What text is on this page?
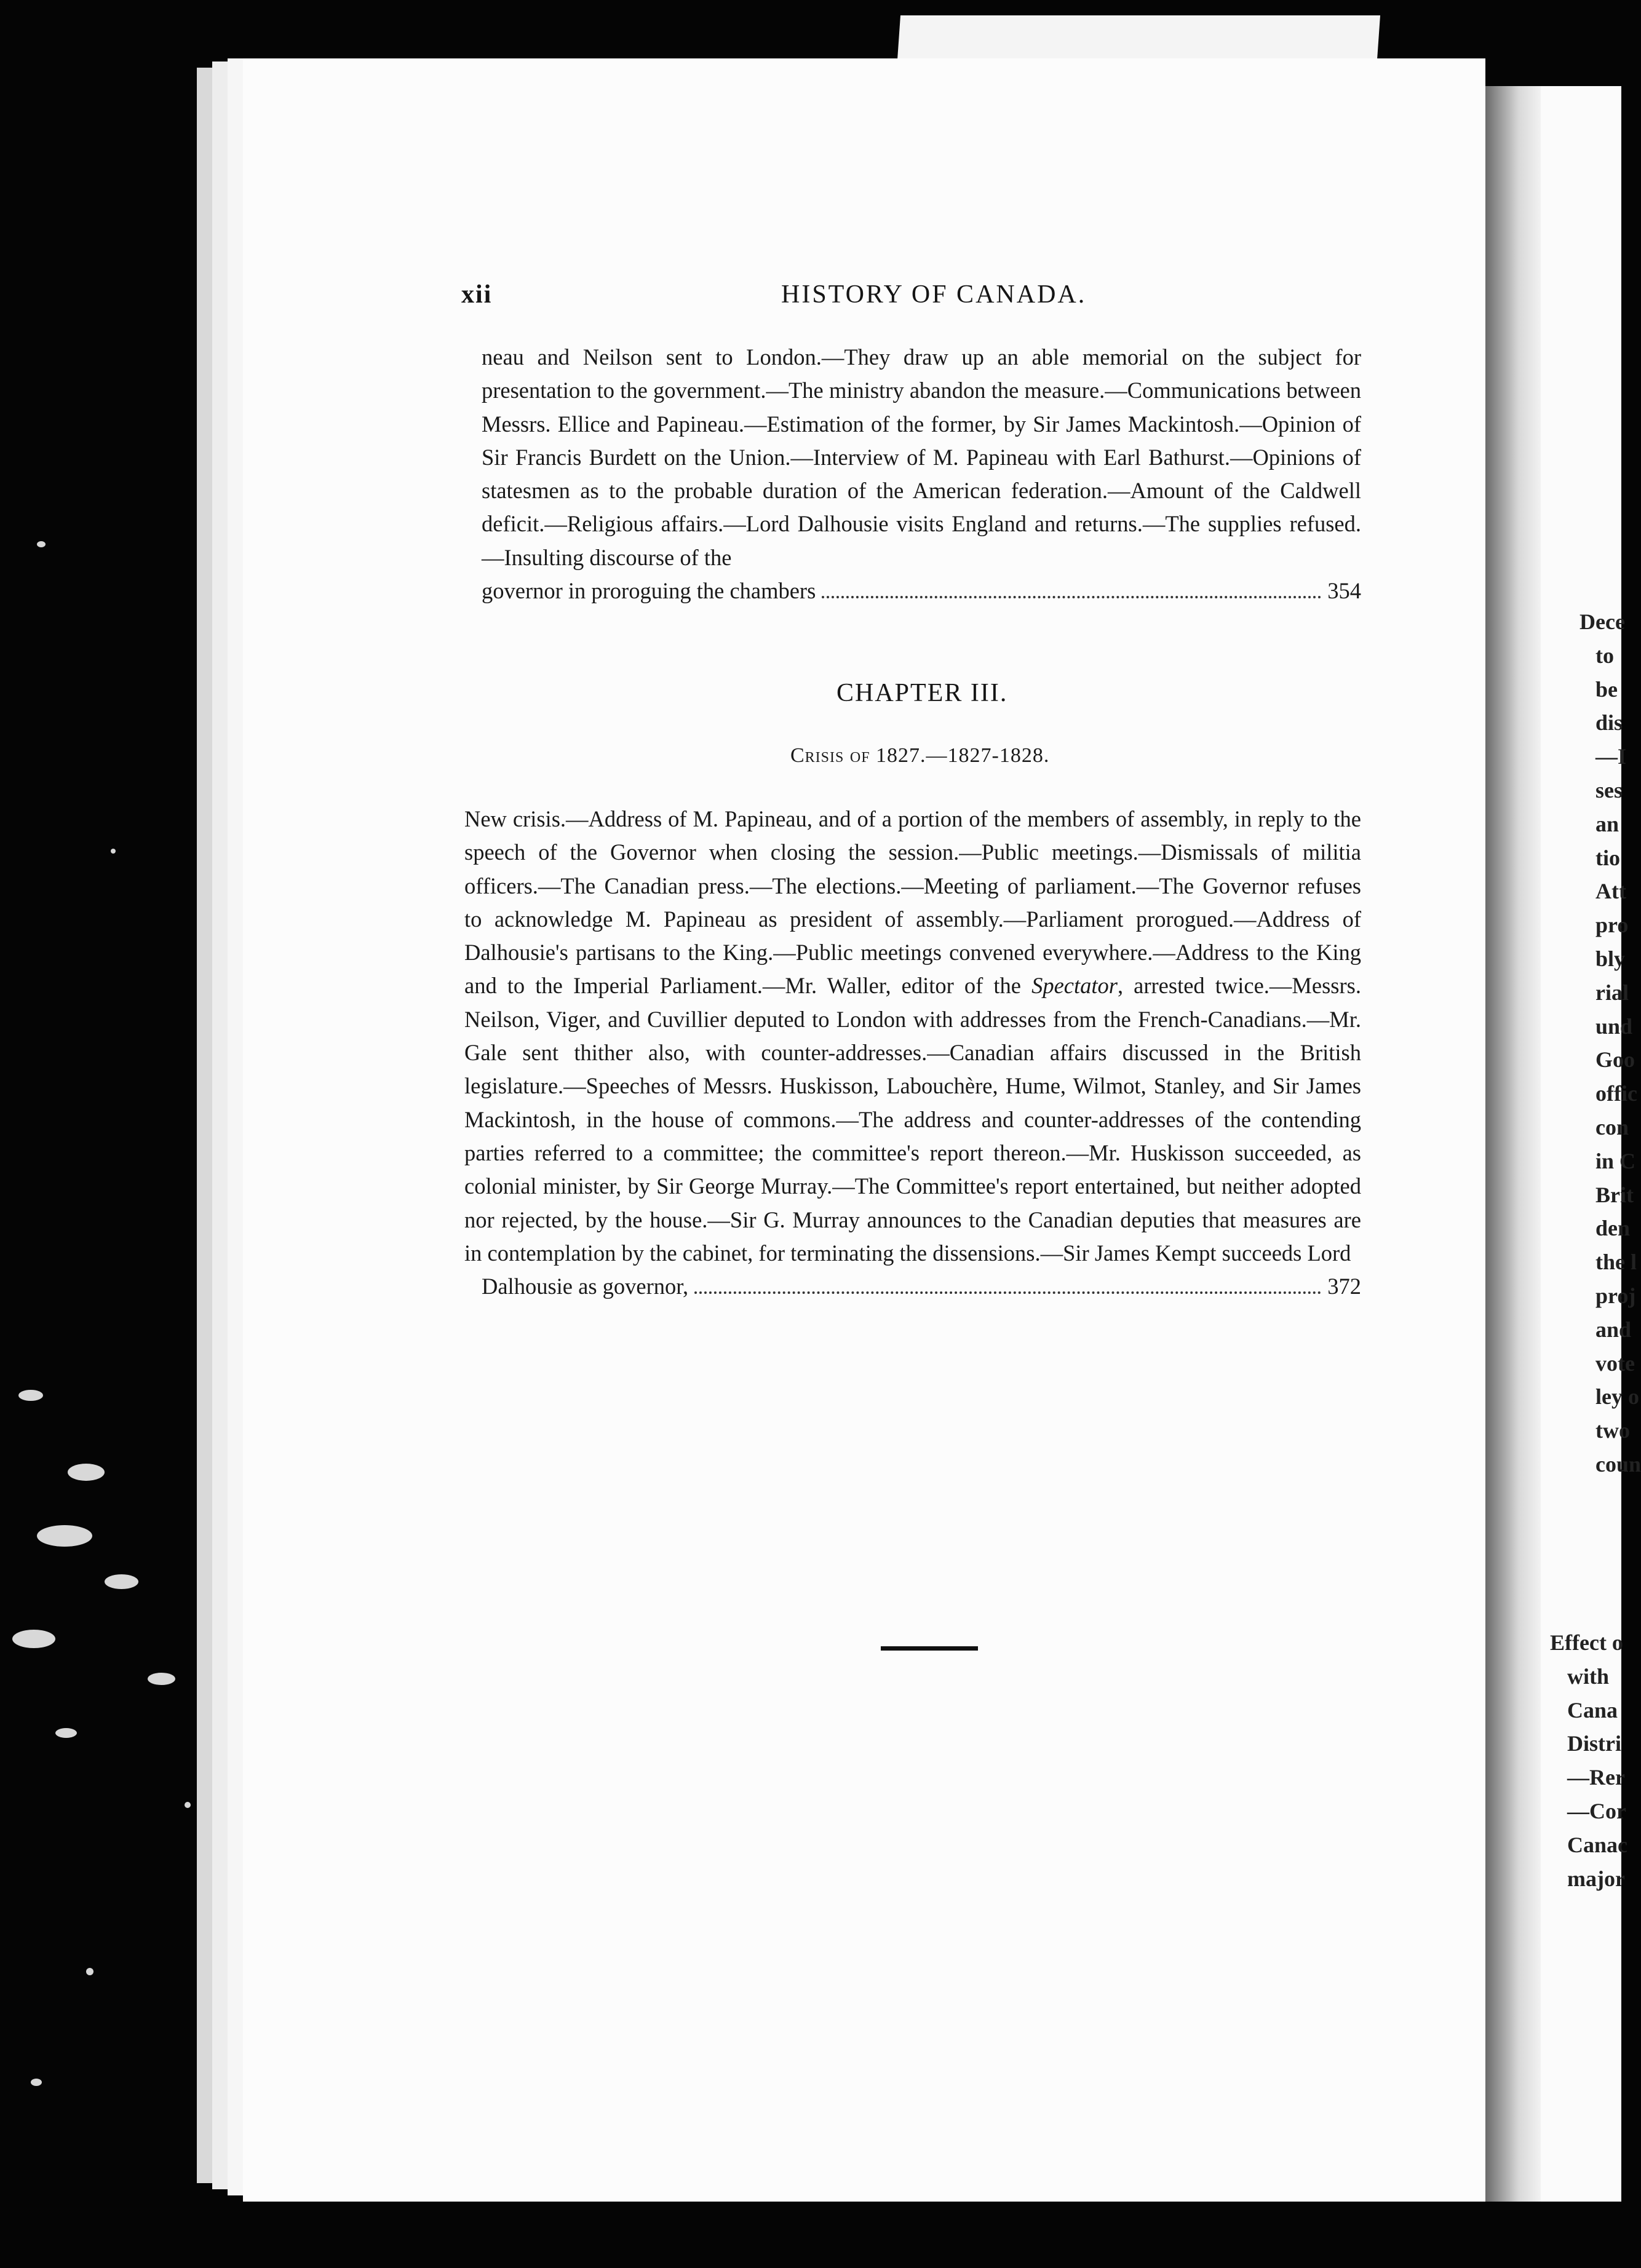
Dece
to
be
dis
—I
ses
an
tio
Att
pro
bly
rial
und
Goo
offic
con
in C
Brit
den
the l
proj
and
vote
ley o
two
coun
Effect o
with
Cana
Distri
—Rer
—Cor
Canac
major
xii	HISTORY OF CANADA.
neau and Neilson sent to London.—They draw up an able memorial on the subject for presentation to the government.—The ministry abandon the measure.—Communications between Messrs. Ellice and Papineau.—Estimation of the former, by Sir James Mackintosh.—Opinion of Sir Francis Burdett on the Union.—Interview of M. Papineau with Earl Bathurst.—Opinions of statesmen as to the probable duration of the American federation.—Amount of the Caldwell deficit.—Religious affairs.—Lord Dalhousie visits England and returns.—The supplies refused.—Insulting discourse of the
governor in proroguing the chambers	354
CHAPTER III.
Crisis of 1827.—1827-1828.
New crisis.—Address of M. Papineau, and of a portion of the members of assembly, in reply to the speech of the Governor when closing the session.—Public meetings.—Dismissals of militia officers.—The Canadian press.—The elections.—Meeting of parliament.—The Governor refuses to acknowledge M. Papineau as president of assembly.—Parliament prorogued.—Address of Dalhousie's partisans to the King.—Public meetings convened everywhere.—Address to the King and to the Imperial Parliament.—Mr. Waller, editor of the Spectator, arrested twice.—Messrs. Neilson, Viger, and Cuvillier deputed to London with addresses from the French-Canadians.—Mr. Gale sent thither also, with counter-addresses.—Canadian affairs discussed in the British legislature.—Speeches of Messrs. Huskisson, Labouchère, Hume, Wilmot, Stanley, and Sir James Mackintosh, in the house of commons.—The address and counter-addresses of the contending parties referred to a committee; the committee's report thereon.—Mr. Huskisson succeeded, as colonial minister, by Sir George Murray.—The Committee's report entertained, but neither adopted nor rejected, by the house.—Sir G. Murray announces to the Canadian deputies that measures are in contemplation by the cabinet, for terminating the dissensions.—Sir James Kempt succeeds Lord
Dalhousie as governor,	372
